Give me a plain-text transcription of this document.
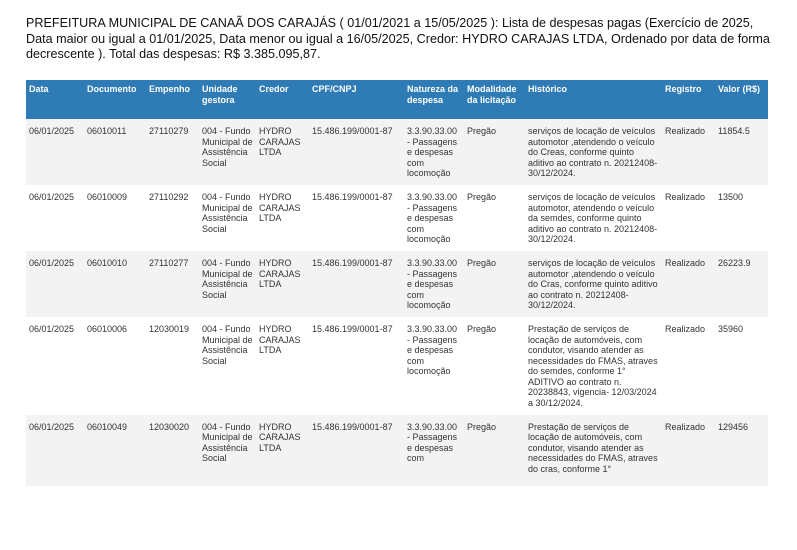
PREFEITURA MUNICIPAL DE CANAÃ DOS CARAJÁS ( 01/01/2021 a 15/05/2025 ): Lista de despesas pagas (Exercício de 2025, Data maior ou igual a 01/01/2025, Data menor ou igual a 16/05/2025, Credor: HYDRO CARAJAS LTDA, Ordenado por data de forma decrescente ). Total das despesas: R$ 3.385.095,87.
Data	Documento	Empenho	Unidade gestora	Credor	CPF/CNPJ	Natureza da despesa	Modalidade da licitação	Histórico	Registro	Valor (R$)
06/01/2025	06010011	27110279	004 - Fundo Municipal de Assistência Social	HYDRO CARAJAS LTDA	15.486.199/0001-87	3.3.90.33.00 - Passagens e despesas com locomoção	Pregão	serviços de locação de veículos automotor ,atendendo o veículo do Creas, conforme quinto aditivo ao contrato n. 20212408- 30/12/2024.	Realizado	11854.5
06/01/2025	06010009	27110292	004 - Fundo Municipal de Assistência Social	HYDRO CARAJAS LTDA	15.486.199/0001-87	3.3.90.33.00 - Passagens e despesas com locomoção	Pregão	serviços de locação de veículos automotor, atendendo o veículo da semdes, conforme quinto aditivo ao contrato n. 20212408- 30/12/2024.	Realizado	13500
06/01/2025	06010010	27110277	004 - Fundo Municipal de Assistência Social	HYDRO CARAJAS LTDA	15.486.199/0001-87	3.3.90.33.00 - Passagens e despesas com locomoção	Pregão	serviços de locação de veículos automotor ,atendendo o veículo do Cras, conforme quinto aditivo ao contrato n. 20212408- 30/12/2024.	Realizado	26223.9
06/01/2025	06010006	12030019	004 - Fundo Municipal de Assistência Social	HYDRO CARAJAS LTDA	15.486.199/0001-87	3.3.90.33.00 - Passagens e despesas com locomoção	Pregão	Prestação de serviços de locação de automóveis, com condutor, visando atender as necessidades do FMAS, atraves do semdes, conforme 1° ADITIVO ao contrato n. 20238843, vigencia- 12/03/2024 a 30/12/2024.	Realizado	35960
06/01/2025	06010049	12030020	004 - Fundo Municipal de Assistência Social	HYDRO CARAJAS LTDA	15.486.199/0001-87	3.3.90.33.00 - Passagens e despesas com	Pregão	Prestação de serviços de locação de automóveis, com condutor, visando atender as necessidades do FMAS, atraves do cras, conforme 1°	Realizado	129456
